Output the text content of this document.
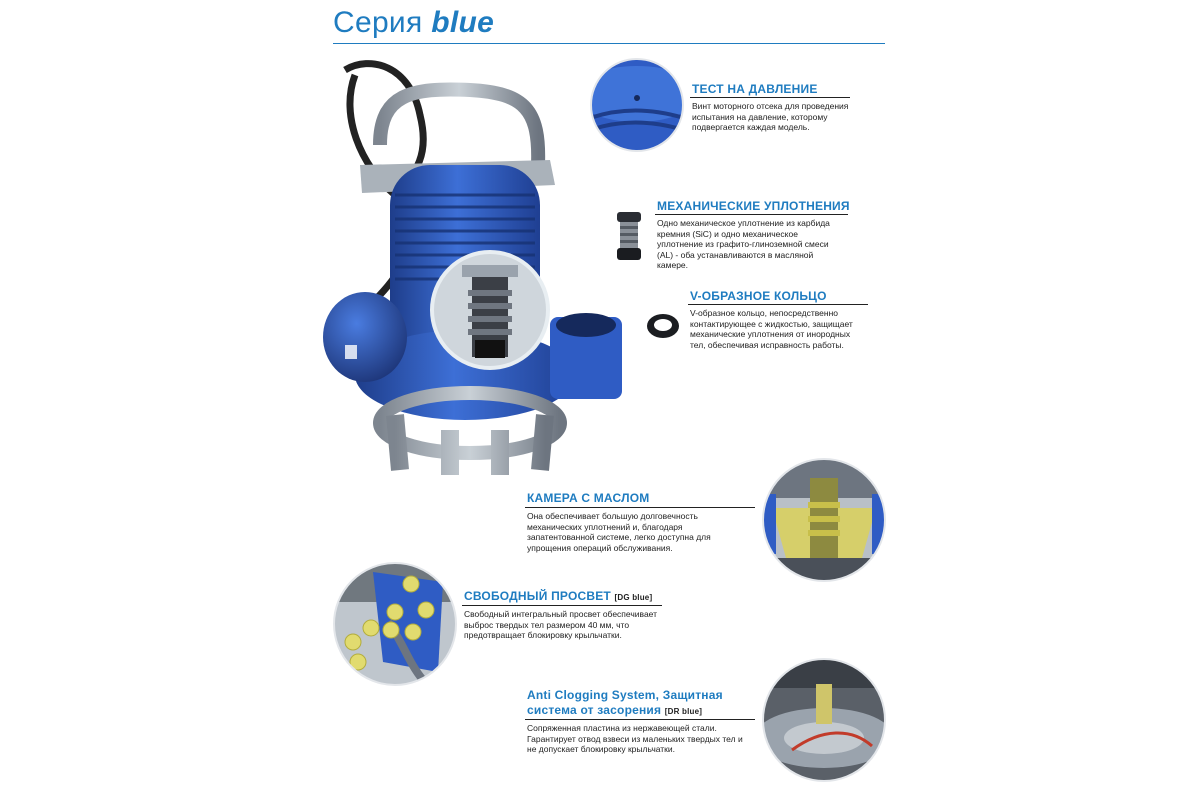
Серия blue
ТЕСТ НА ДАВЛЕНИЕ
Винт моторного отсека для проведения
испытания на давление, которому
подвергается каждая модель.
МЕХАНИЧЕСКИЕ УПЛОТНЕНИЯ
Одно механическое уплотнение из карбида
кремния (SiC) и одно механическое
уплотнение из графито-глиноземной смеси
(AL) - оба устанавливаются в масляной
камере.
V-ОБРАЗНОЕ КОЛЬЦО
V-образное кольцо, непосредственно
контактирующее с жидкостью, защищает
механические уплотнения от инородных
тел, обеспечивая исправность работы.
КАМЕРА С МАСЛОМ
Она обеспечивает большую долговечность
механических уплотнений и, благодаря
запатентованной системе, легко доступна для
упрощения операций обслуживания.
СВОБОДНЫЙ ПРОСВЕТ [DG blue]
Свободный интегральный просвет обеспечивает
выброс твердых тел размером 40 мм, что
предотвращает блокировку крыльчатки.
Anti Clogging System, Защитная
система от засорения [DR blue]
Сопряженная пластина из нержавеющей стали.
Гарантирует отвод взвеси из маленьких твердых тел и
не допускает блокировку крыльчатки.
